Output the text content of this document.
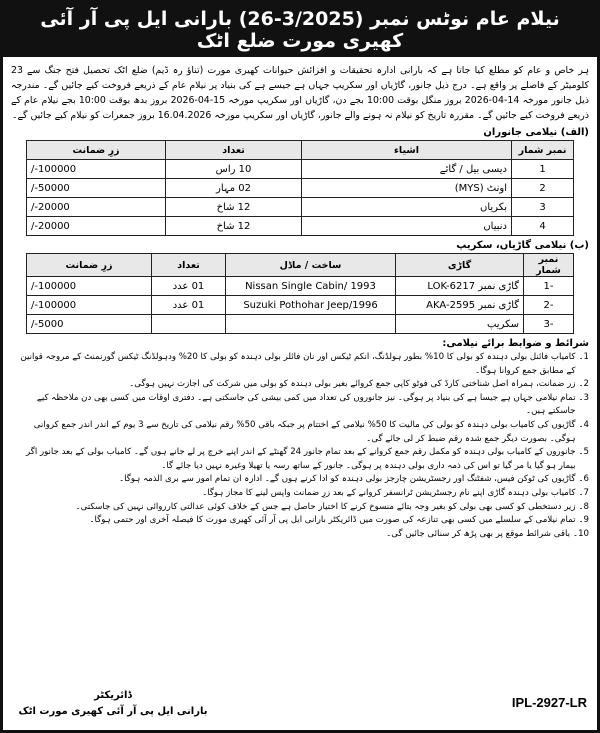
نیلام عام نوٹس نمبر (3/2025-26) بارانی ایل پی آر آئی کھیری مورت ضلع اٹک

ہر خاص و عام کو مطلع کیا جاتا ہے کہ بارانی ادارہ تحقیقات و افزائش حیوانات کھیری مورت (تناؤ رہ ڈیم) ضلع اٹک تحصیل فتح جنگ سے 23 کلومیٹر کے فاصلے پر واقع ہے۔ درج ذیل جانور، گاڑیاں اور سکریپ جہاں ہے جیسے ہے کی بنیاد پر نیلام عام کے ذریعے فروخت کیے جائیں گے۔ مندرجہ ذیل جانور مورخہ 14-04-2026 بروز منگل بوقت 10:00 بجے دن، گاڑیاں اور سکریپ مورخہ 15-04-2026 بروز بدھ بوقت 10:00 بجے نیلام عام کے ذریعے فروخت کیے جائیں گے۔ مقررہ تاریخ کو نیلام نہ ہونے والے جانور، گاڑیاں اور سکریپ مورخہ 16.04.2026 بروز جمعرات کو نیلام کیے جائیں گے۔

(الف) نیلامی جانوران
نمبر شمار	اشیاء	تعداد	زرِ ضمانت
1	دیسی بیل / گائے	10 راس	/-100000
2	اونٹ (MYS)	02 مہار	/-50000
3	بکریاں	12 شاخ	/-20000
4	دنبیاں	12 شاخ	/-20000
(ب) نیلامی گاڑیاں، سکریپ
نمبر شمار	گاڑی	ساخت / ماڈل	تعداد	زرِ ضمانت
-1	گاڑی نمبر LOK-6217	Nissan Single Cabin/ 1993	01 عدد	/-100000
-2	گاڑی نمبر AKA-2595	Suzuki Pothohar Jeep/1996	01 عدد	/-100000
-3	سکریپ			/-5000
شرائط و ضوابط برائے نیلامی:
1۔
کامیاب فائنل بولی دہندہ کو بولی کا 10% بطور ہولڈنگ، انکم ٹیکس اور نان فائلر بولی دہندہ کو بولی کا 20% ودہولڈنگ ٹیکس گورنمنٹ کے مروجہ قوانین کے مطابق جمع کروانا ہوگا۔
2۔
زر ضمانت، ہمراہ اصل شناختی کارڈ کی فوٹو کاپی جمع کروائے بغیر بولی دہندہ کو بولی میں شرکت کی اجازت نہیں ہوگی۔
3۔
تمام نیلامی جہاں ہے جیسا ہے کی بنیاد پر ہوگی۔ نیز جانوروں کی تعداد میں کمی بیشی کی جاسکتی ہے۔ دفتری اوقات میں کسی بھی دن ملاحظہ کیے جاسکتے ہیں۔
4۔
گاڑیوں کی کامیاب بولی دہندہ کو بولی کی مالیت کا 50% نیلامی کے اختتام پر جبکہ باقی 50% رقم نیلامی کی تاریخ سے 3 یوم کے اندر اندر جمع کروانی ہوگی۔ بصورت دیگر جمع شدہ رقم ضبط کر لی جائے گی۔
5۔
جانوروں کے کامیاب بولی دہندہ کو مکمل رقم جمع کروانے کے بعد تمام جانور 24 گھنٹے کے اندر اپنے خرچ پر لے جانے ہوں گے۔ کامیاب بولی کے بعد جانور اگر بیمار ہو گیا یا مر گیا تو اس کی ذمہ داری بولی دہندہ پر ہوگی۔ جانور کے ساتھ رسہ یا تھیلا وغیرہ نہیں دیا جائے گا۔
6۔
گاڑیوں کی ٹوکن فیس، شفٹنگ اور رجسٹریشن چارجز بولی دہندہ کو ادا کرنے ہوں گے۔ ادارہ ان تمام امور سے بری الذمہ ہوگا۔
7۔
کامیاب بولی دہندہ گاڑی اپنے نام رجسٹریشن ٹرانسفر کروانے کے بعد زرِ ضمانت واپس لینے کا مجاز ہوگا۔
8۔
زیر دستخطی کو کسی بھی بولی کو بغیر وجہ بتائے منسوخ کرنے کا اختیار حاصل ہے جس کے خلاف کوئی عدالتی کارروائی نہیں کی جاسکتی۔
9۔
تمام نیلامی کے سلسلے میں کسی بھی تنازعہ کی صورت میں ڈائریکٹر بارانی ایل پی آر آئی کھیری مورت کا فیصلہ آخری اور حتمی ہوگا۔
10۔
باقی شرائط موقع پر بھی پڑھ کر سنائی جائیں گی۔
ڈائریکٹر
بارانی ایل پی آر آئی کھیری مورت اٹک
IPL-2927-LR
